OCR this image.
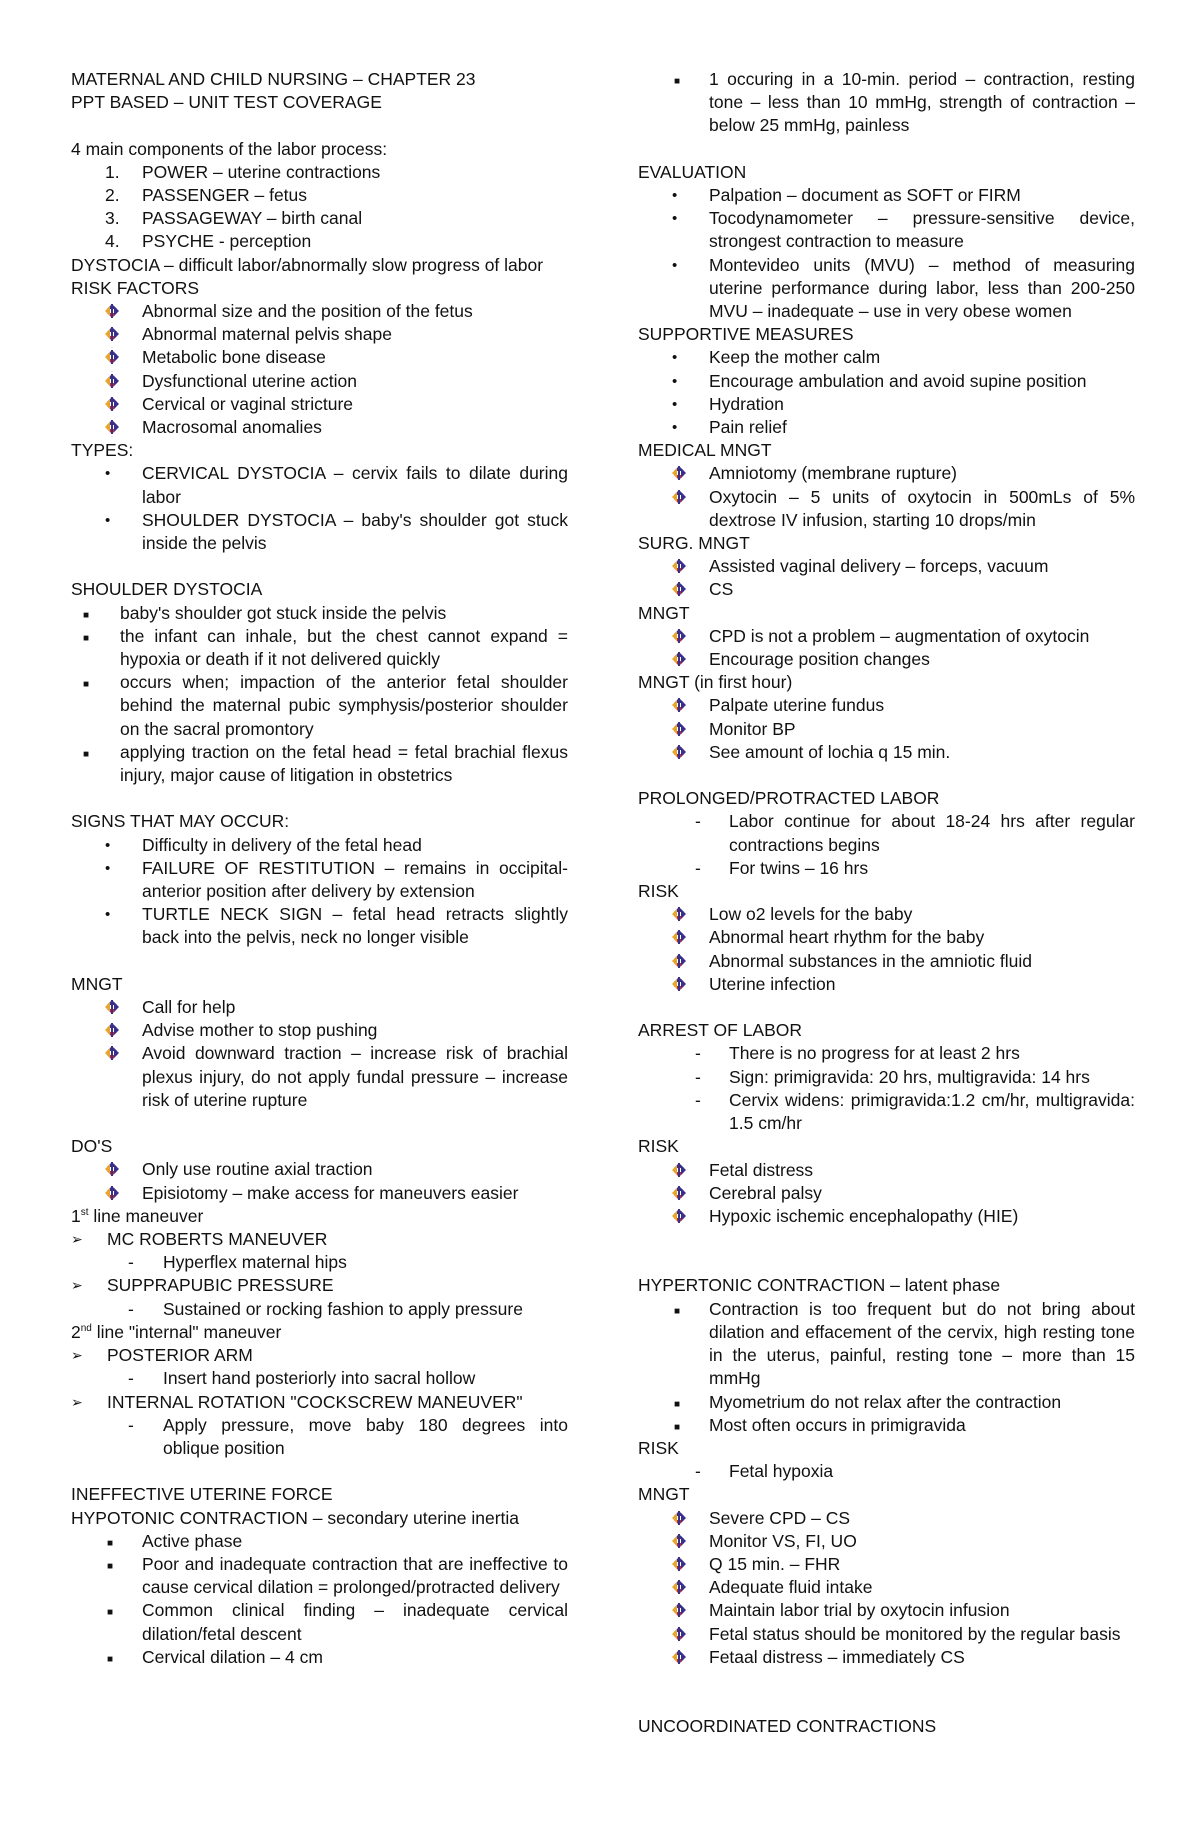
MATERNAL AND CHILD NURSING – CHAPTER 23
PPT BASED – UNIT TEST COVERAGE
4 main components of the labor process:
1. POWER – uterine contractions
2. PASSENGER – fetus
3. PASSAGEWAY – birth canal
4. PSYCHE - perception
DYSTOCIA – difficult labor/abnormally slow progress of labor
RISK FACTORS
Abnormal size and the position of the fetus
Abnormal maternal pelvis shape
Metabolic bone disease
Dysfunctional uterine action
Cervical or vaginal stricture
Macrosomal anomalies
TYPES:
• CERVICAL DYSTOCIA – cervix fails to dilate during labor
• SHOULDER DYSTOCIA – baby's shoulder got stuck inside the pelvis
SHOULDER DYSTOCIA
■ baby's shoulder got stuck inside the pelvis
■ the infant can inhale, but the chest cannot expand = hypoxia or death if it not delivered quickly
■ occurs when; impaction of the anterior fetal shoulder behind the maternal pubic symphysis/posterior shoulder on the sacral promontory
■ applying traction on the fetal head = fetal brachial flexus injury, major cause of litigation in obstetrics
SIGNS THAT MAY OCCUR:
• Difficulty in delivery of the fetal head
• FAILURE OF RESTITUTION – remains in occipital-anterior position after delivery by extension
• TURTLE NECK SIGN – fetal head retracts slightly back into the pelvis, neck no longer visible
MNGT
Call for help
Advise mother to stop pushing
Avoid downward traction – increase risk of brachial plexus injury, do not apply fundal pressure – increase risk of uterine rupture
DO'S
Only use routine axial traction
Episiotomy – make access for maneuvers easier
1st line maneuver
➢ MC ROBERTS MANEUVER
- Hyperflex maternal hips
➢ SUPPRAPUBIC PRESSURE
- Sustained or rocking fashion to apply pressure
2nd line "internal" maneuver
➢ POSTERIOR ARM
- Insert hand posteriorly into sacral hollow
➢ INTERNAL ROTATION "COCKSCREW MANEUVER"
- Apply pressure, move baby 180 degrees into oblique position
INEFFECTIVE UTERINE FORCE
HYPOTONIC CONTRACTION – secondary uterine inertia
■ Active phase
■ Poor and inadequate contraction that are ineffective to cause cervical dilation = prolonged/protracted delivery
■ Common clinical finding – inadequate cervical dilation/fetal descent
■ Cervical dilation – 4 cm
■ 1 occuring in a 10-min. period – contraction, resting tone – less than 10 mmHg, strength of contraction – below 25 mmHg, painless
EVALUATION
• Palpation – document as SOFT or FIRM
• Tocodynamometer – pressure-sensitive device, strongest contraction to measure
• Montevideo units (MVU) – method of measuring uterine performance during labor, less than 200-250 MVU – inadequate – use in very obese women
SUPPORTIVE MEASURES
• Keep the mother calm
• Encourage ambulation and avoid supine position
• Hydration
• Pain relief
MEDICAL MNGT
Amniotomy (membrane rupture)
Oxytocin – 5 units of oxytocin in 500mLs of 5% dextrose IV infusion, starting 10 drops/min
SURG. MNGT
Assisted vaginal delivery – forceps, vacuum
CS
MNGT
CPD is not a problem – augmentation of oxytocin
Encourage position changes
MNGT (in first hour)
Palpate uterine fundus
Monitor BP
See amount of lochia q 15 min.
PROLONGED/PROTRACTED LABOR
- Labor continue for about 18-24 hrs after regular contractions begins
- For twins – 16 hrs
RISK
Low o2 levels for the baby
Abnormal heart rhythm for the baby
Abnormal substances in the amniotic fluid
Uterine infection
ARREST OF LABOR
- There is no progress for at least 2 hrs
- Sign: primigravida: 20 hrs, multigravida: 14 hrs
- Cervix widens: primigravida:1.2 cm/hr, multigravida: 1.5 cm/hr
RISK
Fetal distress
Cerebral palsy
Hypoxic ischemic encephalopathy (HIE)
HYPERTONIC CONTRACTION – latent phase
■ Contraction is too frequent but do not bring about dilation and effacement of the cervix, high resting tone in the uterus, painful, resting tone – more than 15 mmHg
■ Myometrium do not relax after the contraction
■ Most often occurs in primigravida
RISK
- Fetal hypoxia
MNGT
Severe CPD – CS
Monitor VS, FI, UO
Q 15 min. – FHR
Adequate fluid intake
Maintain labor trial by oxytocin infusion
Fetal status should be monitored by the regular basis
Fetaal distress – immediately CS
UNCOORDINATED CONTRACTIONS
